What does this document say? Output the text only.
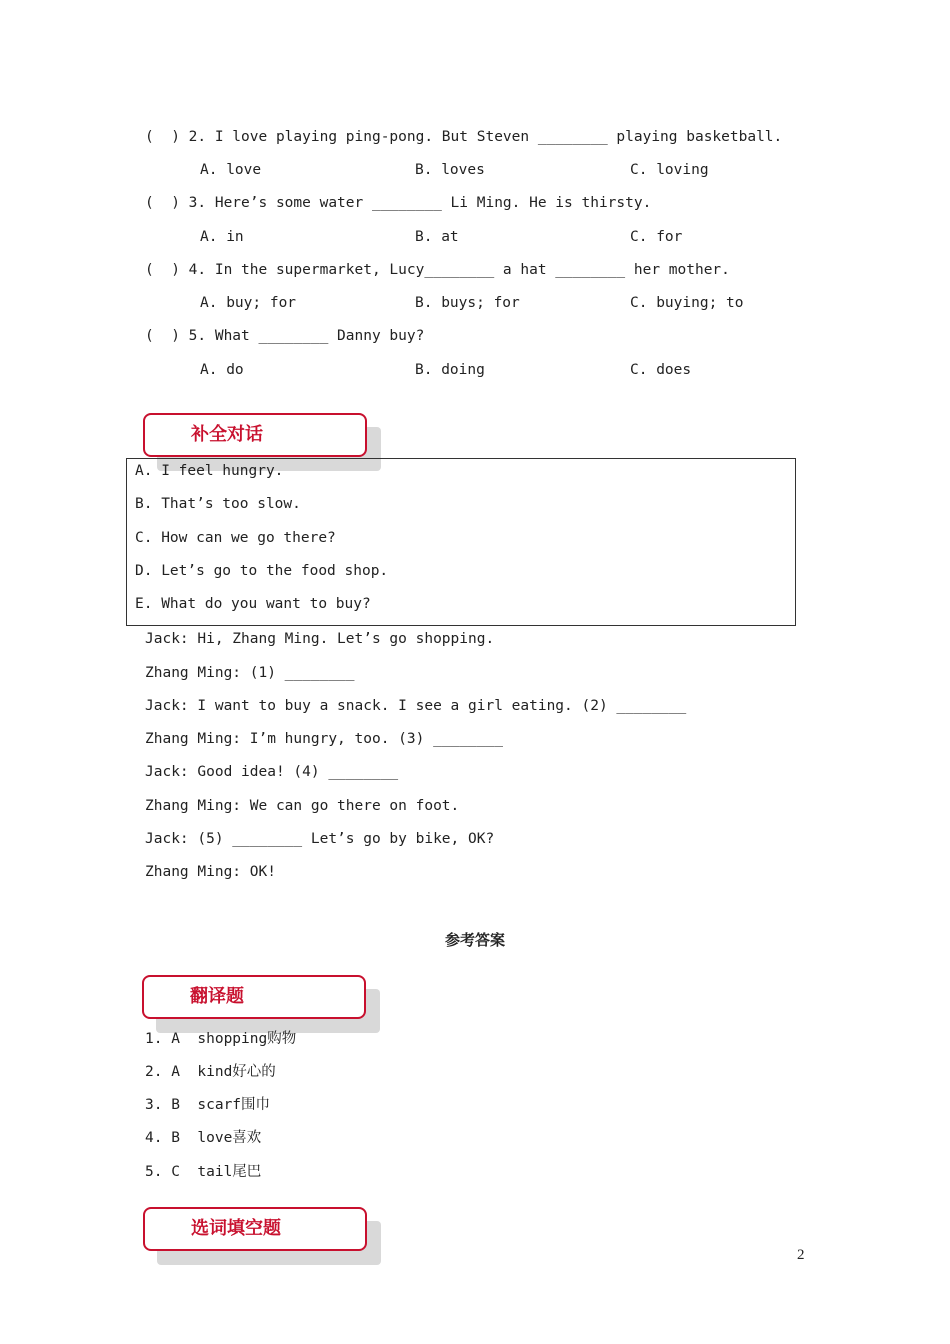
(  ) 2. I love playing ping-pong. But Steven ________ playing basketball.
A. love	B. loves	C. loving
(  ) 3. Here’s some water ________ Li Ming. He is thirsty.
A. in	B. at	C. for
(  ) 4. In the supermarket, Lucy________ a hat ________ her mother.
A. buy; for	B. buys; for	C. buying; to
(  ) 5. What ________ Danny buy?
A. do	B. doing	C. does
补全对话
A. I feel hungry.
B. That’s too slow.
C. How can we go there?
D. Let’s go to the food shop.
E. What do you want to buy?
Jack: Hi, Zhang Ming. Let’s go shopping.
Zhang Ming: (1) ________
Jack: I want to buy a snack. I see a girl eating. (2) ________
Zhang Ming: I’m hungry, too. (3) ________
Jack: Good idea! (4) ________
Zhang Ming: We can go there on foot.
Jack: (5) ________ Let’s go by bike, OK?
Zhang Ming: OK!
参考答案
翻译题
1. A  shopping购物
2. A  kind好心的
3. B  scarf围巾
4. B  love喜欢
5. C  tail尾巴
选词填空题
2
